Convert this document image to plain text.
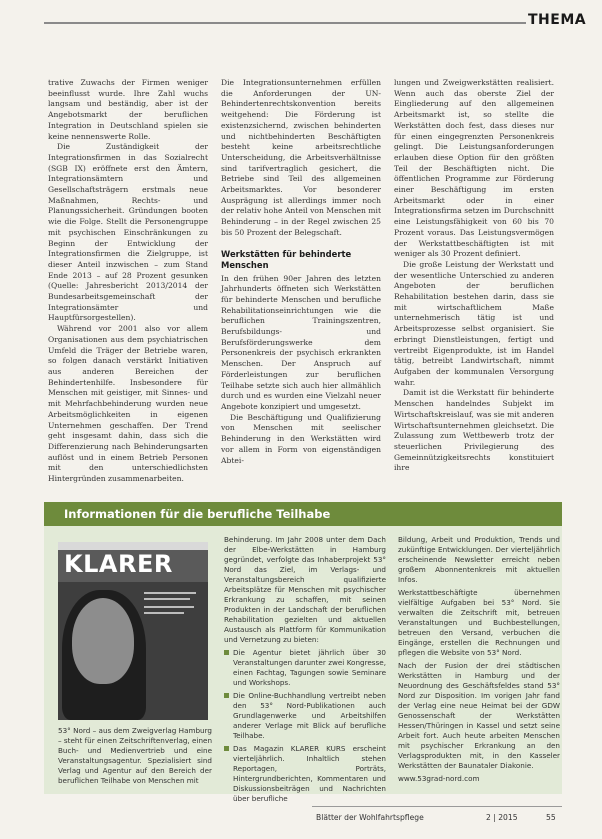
THEMA

trative Zuwachs der Firmen weniger beeinflusst wurde. Ihre Zahl wuchs langsam und beständig, aber ist der Angebotsmarkt der beruflichen Integration in Deutschland spielen sie keine nennenswerte Rolle.

Die Zuständigkeit der Integrationsfirmen in das Sozialrecht (SGB IX) eröffnete erst den Ämtern, Integrationsämtern und Gesellschaftsträgern erstmals neue Maßnahmen, Rechts- und Planungssicherheit. Gründungen booten wie die Folge. Stellt die Personengruppe mit psychischen Einschränkungen zu Beginn der Entwicklung der Integrationsfirmen die Zielgruppe, ist dieser Anteil inzwischen – zum Stand Ende 2013 – auf 28 Prozent gesunken (Quelle: Jahresbericht 2013/2014 der Bundesarbeitsgemeinschaft der Integrationsämter und Hauptfürsorgestellen).

Während vor 2001 also vor allem Organisationen aus dem psychiatrischen Umfeld die Träger der Betriebe waren, so folgen danach verstärkt Initiativen aus anderen Bereichen der Behindertenhilfe. Insbesondere für Menschen mit geistiger, mit Sinnes- und mit Mehrfachbehinderung wurden neue Arbeitsmöglichkeiten in eigenen Unternehmen geschaffen. Der Trend geht insgesamt dahin, dass sich die Differenzierung nach Behinderungsarten auflöst und in einem Betrieb Personen mit den unterschiedlichsten Hintergründen zusammenarbeiten.

Die Integrationsunternehmen erfüllen die Anforderungen der UN-Behindertenrechtskonvention bereits weitgehend: Die Förderung ist existenzsichernd, zwischen behinderten und nichtbehinderten Beschäftigten besteht keine arbeitsrechtliche Unterscheidung, die Arbeitsverhältnisse sind tarifvertraglich gesichert, die Betriebe sind Teil des allgemeinen Arbeitsmarktes. Vor besonderer Ausprägung ist allerdings immer noch der relativ hohe Anteil von Menschen mit Behinderung – in der Regel zwischen 25 bis 50 Prozent der Belegschaft.

Werkstätten für behinderte Menschen

In den frühen 90er Jahren des letzten Jahrhunderts öffneten sich Werkstätten für behinderte Menschen und berufliche Rehabilitationseinrichtungen wie die beruflichen Trainingszentren, Berufsbildungs- und Berufsförderungswerke dem Personenkreis der psychisch erkrankten Menschen. Der Anspruch auf Förderleistungen zur beruflichen Teilhabe setzte sich auch hier allmählich durch und es wurden eine Vielzahl neuer Angebote konzipiert und umgesetzt.

Die Beschäftigung und Qualifizierung von Menschen mit seelischer Behinderung in den Werkstätten wird vor allem in Form von eigenständigen Abtei-

lungen und Zweigwerkstätten realisiert. Wenn auch das oberste Ziel der Eingliederung auf den allgemeinen Arbeitsmarkt ist, so stellte die Werkstätten doch fest, dass dieses nur für einen eingegrenzten Personenkreis gelingt. Die Leistungsanforderungen erlauben diese Option für den größten Teil der Beschäftigten nicht. Die öffentlichen Programme zur Förderung einer Beschäftigung im ersten Arbeitsmarkt oder in einer Integrationsfirma setzen im Durchschnitt eine Leistungsfähigkeit von 60 bis 70 Prozent voraus. Das Leistungsvermögen der Werkstattbeschäftigten ist mit weniger als 30 Prozent definiert.

Die große Leistung der Werkstatt und der wesentliche Unterschied zu anderen Angeboten der beruflichen Rehabilitation bestehen darin, dass sie mit wirtschaftlichem Maße unternehmerisch tätig ist und Arbeitsprozesse selbst organisiert. Sie erbringt Dienstleistungen, fertigt und vertreibt Eigenprodukte, ist im Handel tätig, betreibt Landwirtschaft, nimmt Aufgaben der kommunalen Versorgung wahr.

Damit ist die Werkstatt für behinderte Menschen handelndes Subjekt im Wirtschaftskreislauf, was sie mit anderen Wirtschaftsunternehmen gleichsetzt. Die Zulassung zum Wettbewerb trotz der steuerlichen Privilegierung des Gemeinnützigkeitsrechts konstituiert ihre

Informationen für die berufliche Teilhabe
KLARER
53° Nord – aus dem Zweigverlag Hamburg – steht für einen Zeitschriftenverlag, einen Buch- und Medienvertrieb und eine Veranstaltungsagentur. Spezialisiert sind Verlag und Agentur auf den Bereich der beruflichen Teilhabe von Menschen mit

Behinderung. Im Jahr 2008 unter dem Dach der Elbe-Werkstätten in Hamburg gegründet, verfolgte das Inhaberprojekt 53° Nord das Ziel, im Verlags- und Veranstaltungsbereich qualifizierte Arbeitsplätze für Menschen mit psychischer Erkrankung zu schaffen, mit seinen Produkten in der Landschaft der beruflichen Rehabilitation gezielten und aktuellen Austausch als Plattform für Kommunikation und Vernetzung zu bieten:

Die Agentur bietet jährlich über 30 Veranstaltungen darunter zwei Kongresse, einen Fachtag, Tagungen sowie Seminare und Workshops.
Die Online-Buchhandlung vertreibt neben den 53° Nord-Publikationen auch Grundlagenwerke und Arbeitshilfen anderer Verlage mit Blick auf berufliche Teilhabe.
Das Magazin KLARER KURS erscheint vierteljährlich. Inhaltlich stehen Reportagen, Porträts, Hintergrundberichten, Kommentaren und Diskussionsbeiträgen und Nachrichten über berufliche

Bildung, Arbeit und Produktion, Trends und zukünftige Entwicklungen. Der vierteljährlich erscheinende Newsletter erreicht neben großem Abonnentenkreis mit aktuellen Infos.

Werkstattbeschäftigte übernehmen vielfältige Aufgaben bei 53° Nord. Sie verwalten die Zeitschrift mit, betreuen Veranstaltungen und Buchbestellungen, betreuen den Versand, verbuchen die Eingänge, erstellen die Rechnungen und pflegen die Website von 53° Nord.

Nach der Fusion der drei städtischen Werkstätten in Hamburg und der Neuordnung des Geschäftsfeldes stand 53° Nord zur Disposition. Im vorigen Jahr fand der Verlag eine neue Heimat bei der GDW Genossenschaft der Werkstätten Hessen/Thüringen in Kassel und setzt seine Arbeit fort. Auch heute arbeiten Menschen mit psychischer Erkrankung an den Verlagsprodukten mit, in den Kasseler Werkstätten der Baunataler Diakonie.

www.53grad-nord.com

Blätter der Wohlfahrtspflege	2 | 2015	55
